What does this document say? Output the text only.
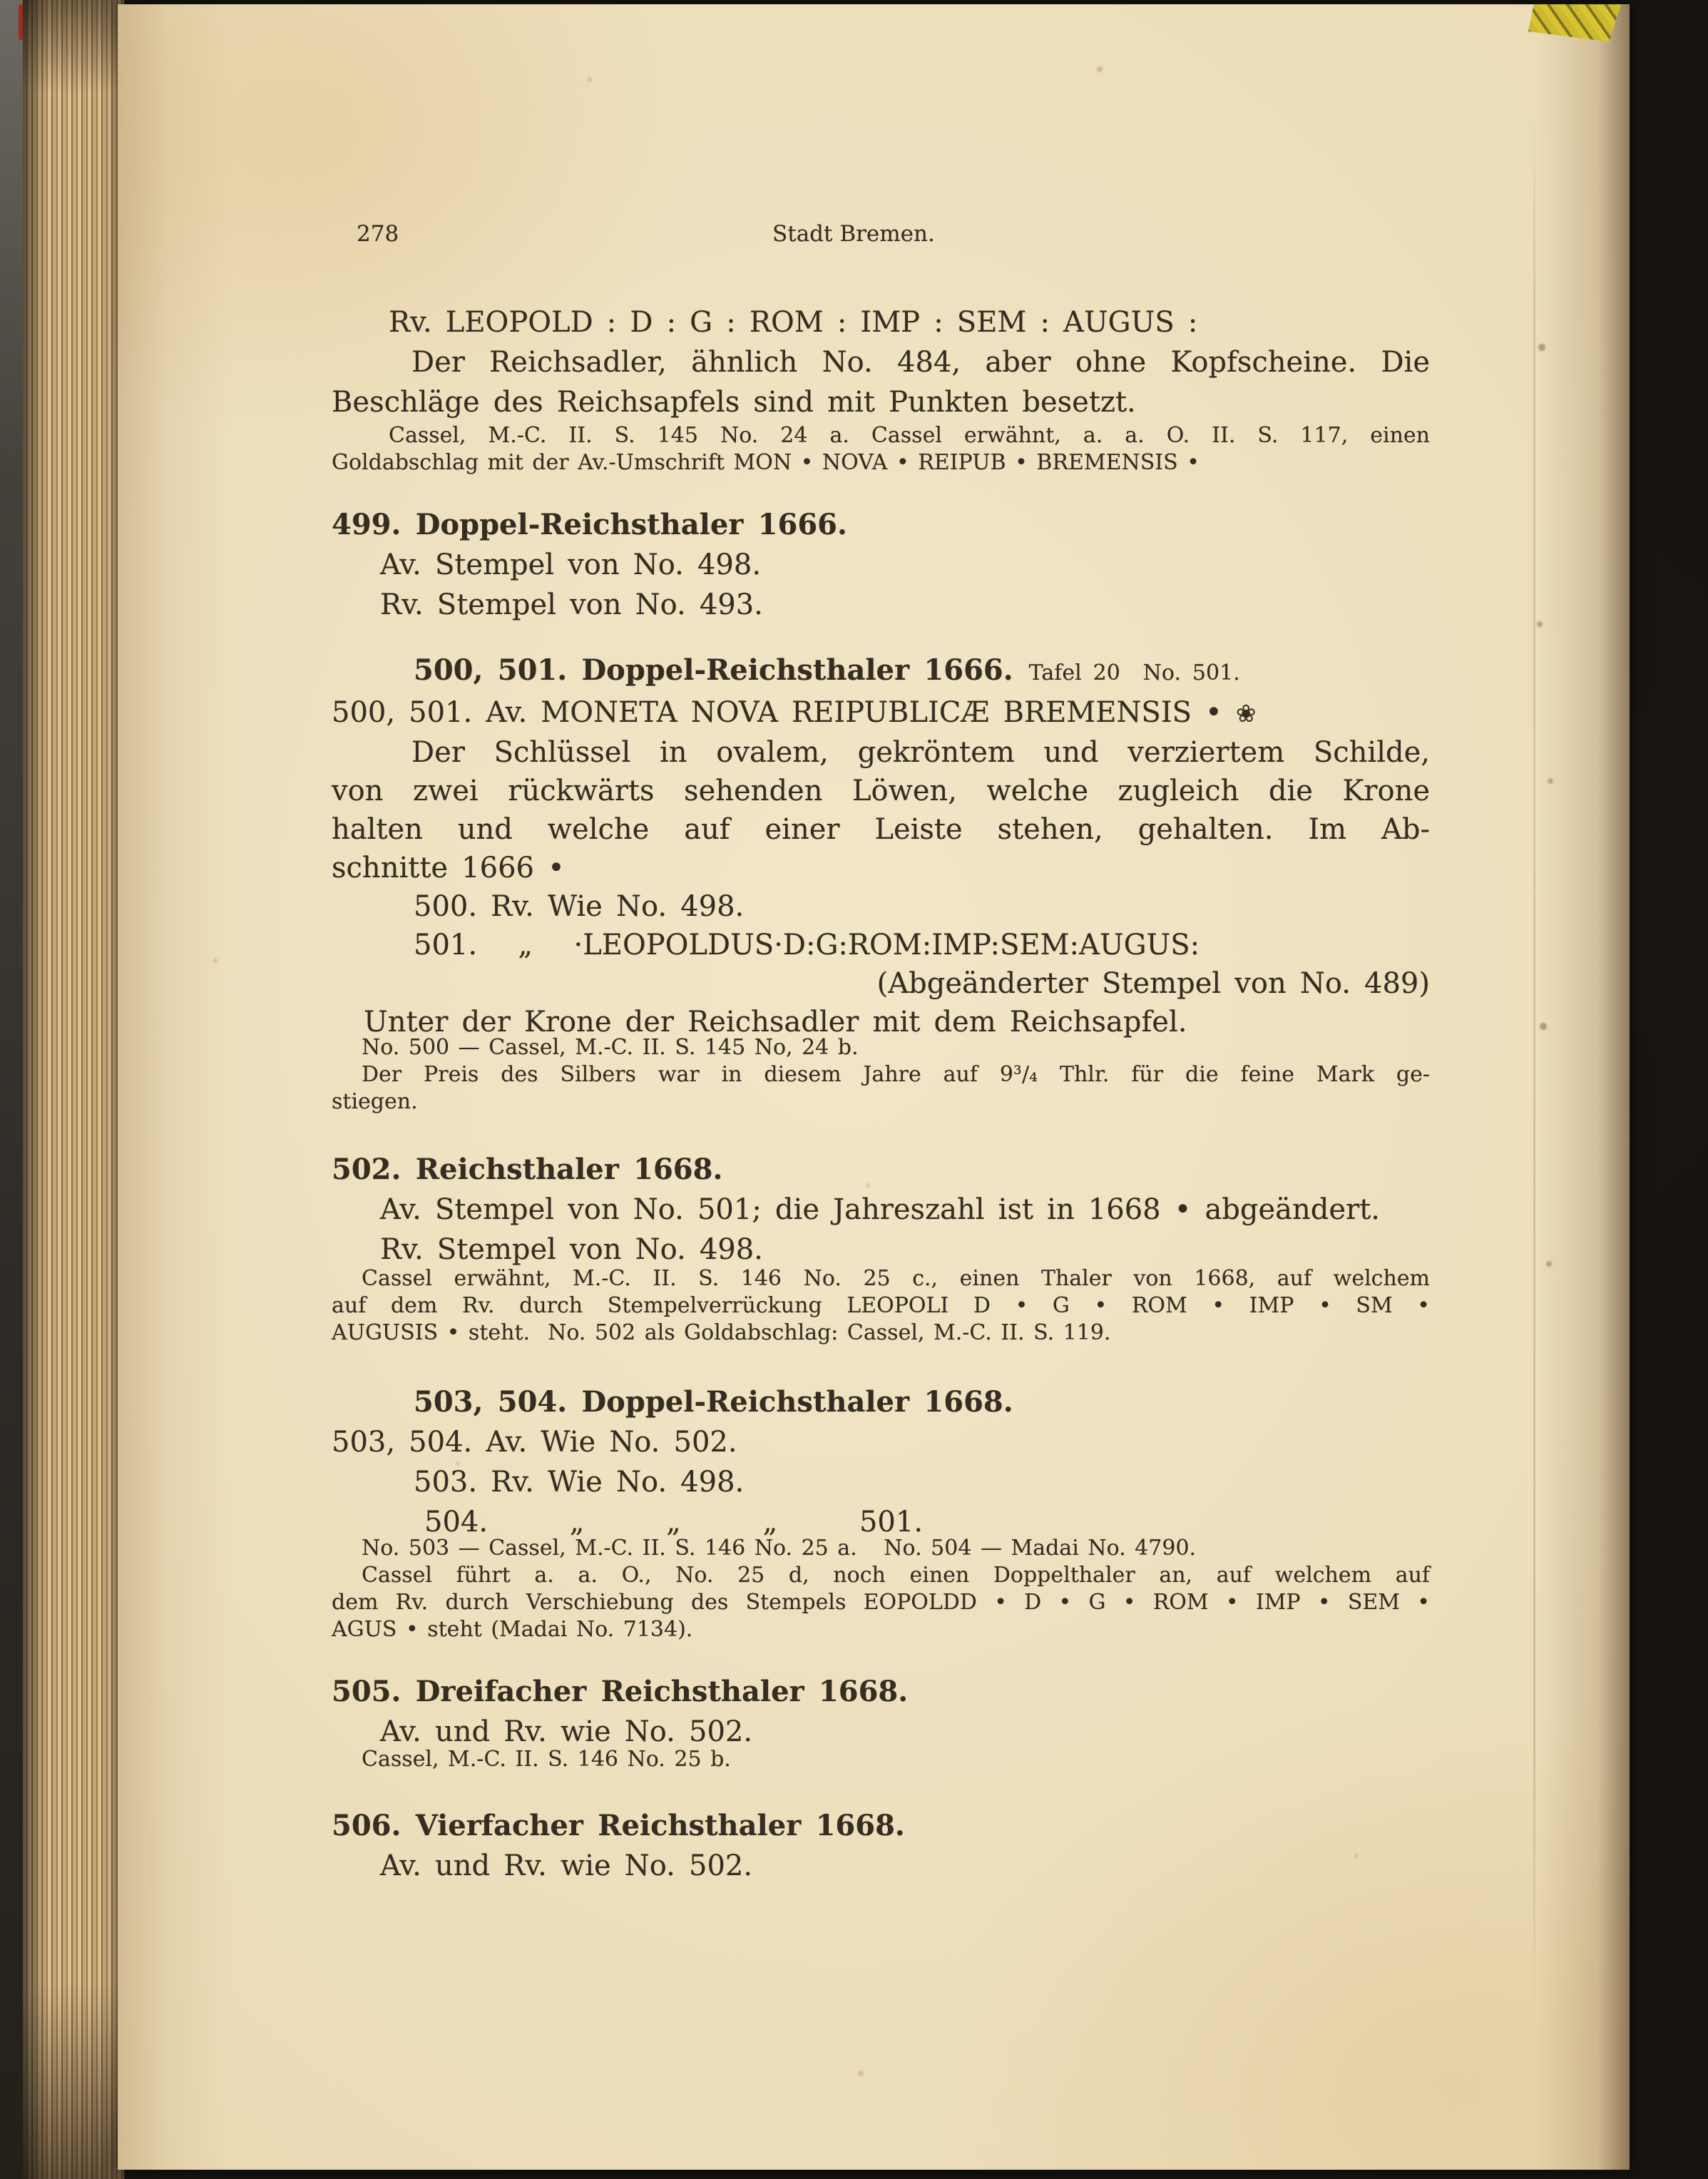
278	Stadt Bremen.
Rv. LEOPOLD : D : G : ROM : IMP : SEM : AUGUS :
Der Reichsadler, ähnlich No. 484, aber ohne Kopfscheine. Die
Beschläge des Reichsapfels sind mit Punkten besetzt.
Cassel, M.-C. II. S. 145 No. 24 a. Cassel erwähnt, a. a. O. II. S. 117, einen
Goldabschlag mit der Av.-Umschrift MON • NOVA • REIPUB • BREMENSIS •
499. Doppel-Reichsthaler 1666.
Av. Stempel von No. 498.
Rv. Stempel von No. 493.
500, 501. Doppel-Reichsthaler 1666. Tafel 20  No. 501.
500, 501. Av. MONETA NOVA REIPUBLICÆ BREMENSIS • ❀
Der Schlüssel in ovalem, gekröntem und verziertem Schilde,
von zwei rückwärts sehenden Löwen, welche zugleich die Krone
halten und welche auf einer Leiste stehen, gehalten. Im Ab-
schnitte 1666 •
500. Rv. Wie No. 498.
501.   „   ·LEOPOLDUS·D:G:ROM:IMP:SEM:AUGUS:
(Abgeänderter Stempel von No. 489)
Unter der Krone der Reichsadler mit dem Reichsapfel.
No. 500 — Cassel, M.-C. II. S. 145 No, 24 b.
Der Preis des Silbers war in diesem Jahre auf 9³/₄ Thlr. für die feine Mark ge-
stiegen.
502. Reichsthaler 1668.
Av. Stempel von No. 501; die Jahreszahl ist in 1668 • abgeändert.
Rv. Stempel von No. 498.
Cassel erwähnt, M.-C. II. S. 146 No. 25 c., einen Thaler von 1668, auf welchem
auf dem Rv. durch Stempelverrückung LEOPOLI D • G • ROM • IMP • SM •
AUGUSIS • steht.  No. 502 als Goldabschlag: Cassel, M.-C. II. S. 119.
503, 504. Doppel-Reichsthaler 1668.
503, 504. Av. Wie No. 502.
503. Rv. Wie No. 498.
504.      „      „      „      501.
No. 503 — Cassel, M.-C. II. S. 146 No. 25 a.   No. 504 — Madai No. 4790.
Cassel führt a. a. O., No. 25 d, noch einen Doppelthaler an, auf welchem auf
dem Rv. durch Verschiebung des Stempels EOPOLDD • D • G • ROM • IMP • SEM •
AGUS • steht (Madai No. 7134).
505. Dreifacher Reichsthaler 1668.
Av. und Rv. wie No. 502.
Cassel, M.-C. II. S. 146 No. 25 b.
506. Vierfacher Reichsthaler 1668.
Av. und Rv. wie No. 502.
